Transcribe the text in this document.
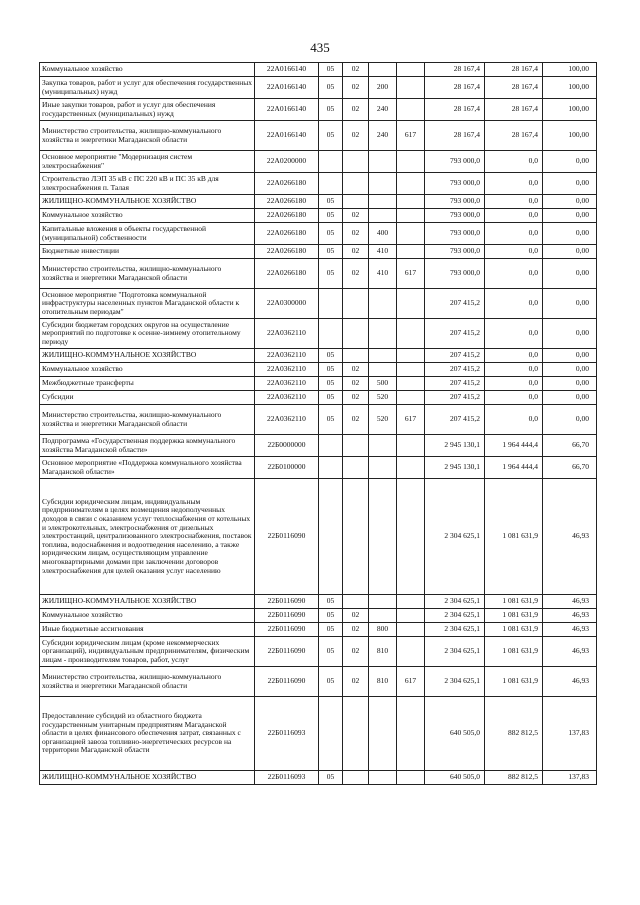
435
Коммунальное хозяйство	22А0166140	05	02			28 167,4	28 167,4	100,00
Закупка товаров, работ и услуг для обеспечения государственных (муниципальных) нужд	22А0166140	05	02	200		28 167,4	28 167,4	100,00
Иные закупки товаров, работ и услуг для обеспечения государственных (муниципальных) нужд	22А0166140	05	02	240		28 167,4	28 167,4	100,00
Министерство строительства, жилищно-коммунального хозяйства и энергетики Магаданской области	22А0166140	05	02	240	617	28 167,4	28 167,4	100,00
Основное мероприятие "Модернизация систем электроснабжения"	22А0200000					793 000,0	0,0	0,00
Строительство ЛЭП 35 кВ с ПС 220 кВ и ПС 35 кВ для электроснабжения п. Талая	22А0266180					793 000,0	0,0	0,00
ЖИЛИЩНО-КОММУНАЛЬНОЕ ХОЗЯЙСТВО	22А0266180	05				793 000,0	0,0	0,00
Коммунальное хозяйство	22А0266180	05	02			793 000,0	0,0	0,00
Капитальные вложения в объекты государственной (муниципальной) собственности	22А0266180	05	02	400		793 000,0	0,0	0,00
Бюджетные инвестиции	22А0266180	05	02	410		793 000,0	0,0	0,00
Министерство строительства, жилищно-коммунального хозяйства и энергетики Магаданской области	22А0266180	05	02	410	617	793 000,0	0,0	0,00
Основное мероприятие "Подготовка коммунальной инфраструктуры населенных пунктов Магаданской области к отопительным периодам"	22А0300000					207 415,2	0,0	0,00
Субсидии бюджетам городских округов на осуществление мероприятий по подготовке к осенне-зимнему отопительному периоду	22А0362110					207 415,2	0,0	0,00
ЖИЛИЩНО-КОММУНАЛЬНОЕ ХОЗЯЙСТВО	22А0362110	05				207 415,2	0,0	0,00
Коммунальное хозяйство	22А0362110	05	02			207 415,2	0,0	0,00
Межбюджетные трансферты	22А0362110	05	02	500		207 415,2	0,0	0,00
Субсидии	22А0362110	05	02	520		207 415,2	0,0	0,00
Министерство строительства, жилищно-коммунального хозяйства и энергетики Магаданской области	22А0362110	05	02	520	617	207 415,2	0,0	0,00
Подпрограмма «Государственная поддержка коммунального хозяйства Магаданской области»	22Б0000000					2 945 130,1	1 964 444,4	66,70
Основное мероприятие «Поддержка коммунального хозяйства Магаданской области»	22Б0100000					2 945 130,1	1 964 444,4	66,70
Субсидии юридическим лицам, индивидуальным предпринимателям в целях возмещения недополученных доходов в связи с оказанием услуг теплоснабжения от котельных и электрокотельных, электроснабжения от дизельных электростанций, централизованного электроснабжения, поставок топлива, водоснабжения и водоотведения населению, а также юридическим лицам, осуществляющим управление многоквартирными домами при заключении договоров электроснабжения для целей оказания услуг населению	22Б0116090					2 304 625,1	1 081 631,9	46,93
ЖИЛИЩНО-КОММУНАЛЬНОЕ ХОЗЯЙСТВО	22Б0116090	05				2 304 625,1	1 081 631,9	46,93
Коммунальное хозяйство	22Б0116090	05	02			2 304 625,1	1 081 631,9	46,93
Иные бюджетные ассигнования	22Б0116090	05	02	800		2 304 625,1	1 081 631,9	46,93
Субсидии юридическим лицам (кроме некоммерческих организаций), индивидуальным предпринимателям, физическим лицам - производителям товаров, работ, услуг	22Б0116090	05	02	810		2 304 625,1	1 081 631,9	46,93
Министерство строительства, жилищно-коммунального хозяйства и энергетики Магаданской области	22Б0116090	05	02	810	617	2 304 625,1	1 081 631,9	46,93
Предоставление субсидий из областного бюджета государственным унитарным предприятиям Магаданской области в целях финансового обеспечения затрат, связанных с организацией завоза топливно-энергетических ресурсов на территории Магаданской области	22Б0116093					640 505,0	882 812,5	137,83
ЖИЛИЩНО-КОММУНАЛЬНОЕ ХОЗЯЙСТВО	22Б0116093	05				640 505,0	882 812,5	137,83
